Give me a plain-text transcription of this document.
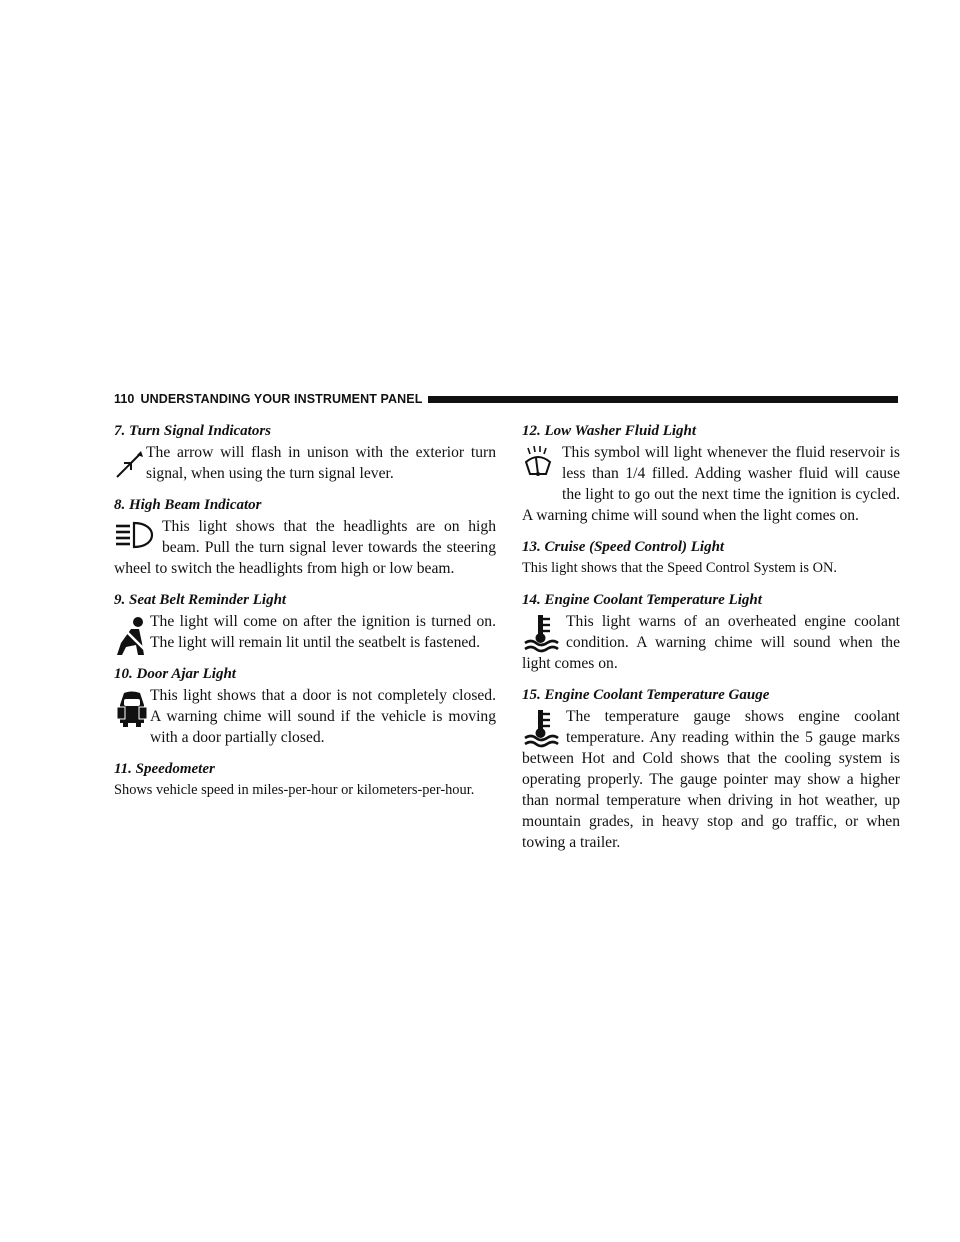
110 UNDERSTANDING YOUR INSTRUMENT PANEL
7. Turn Signal Indicators

The arrow will flash in unison with the exterior turn signal, when using the turn signal lever.

8. High Beam Indicator

This light shows that the headlights are on high beam. Pull the turn signal lever towards the steering wheel to switch the headlights from high or low beam.

9. Seat Belt Reminder Light

The light will come on after the ignition is turned on. The light will remain lit until the seatbelt is fastened.

10. Door Ajar Light

This light shows that a door is not completely closed. A warning chime will sound if the vehicle is moving with a door partially closed.

11. Speedometer

Shows vehicle speed in miles-per-hour or kilometers-per-hour.

12. Low Washer Fluid Light

This symbol will light whenever the fluid reservoir is less than 1/4 filled. Adding washer fluid will cause the light to go out the next time the ignition is cycled. A warning chime will sound when the light comes on.

13. Cruise (Speed Control) Light

This light shows that the Speed Control System is ON.

14. Engine Coolant Temperature Light

This light warns of an overheated engine coolant condition. A warning chime will sound when the light comes on.

15. Engine Coolant Temperature Gauge

The temperature gauge shows engine coolant temperature. Any reading within the 5 gauge marks between Hot and Cold shows that the cooling system is operating properly. The gauge pointer may show a higher than normal temperature when driving in hot weather, up mountain grades, in heavy stop and go traffic, or when towing a trailer.
